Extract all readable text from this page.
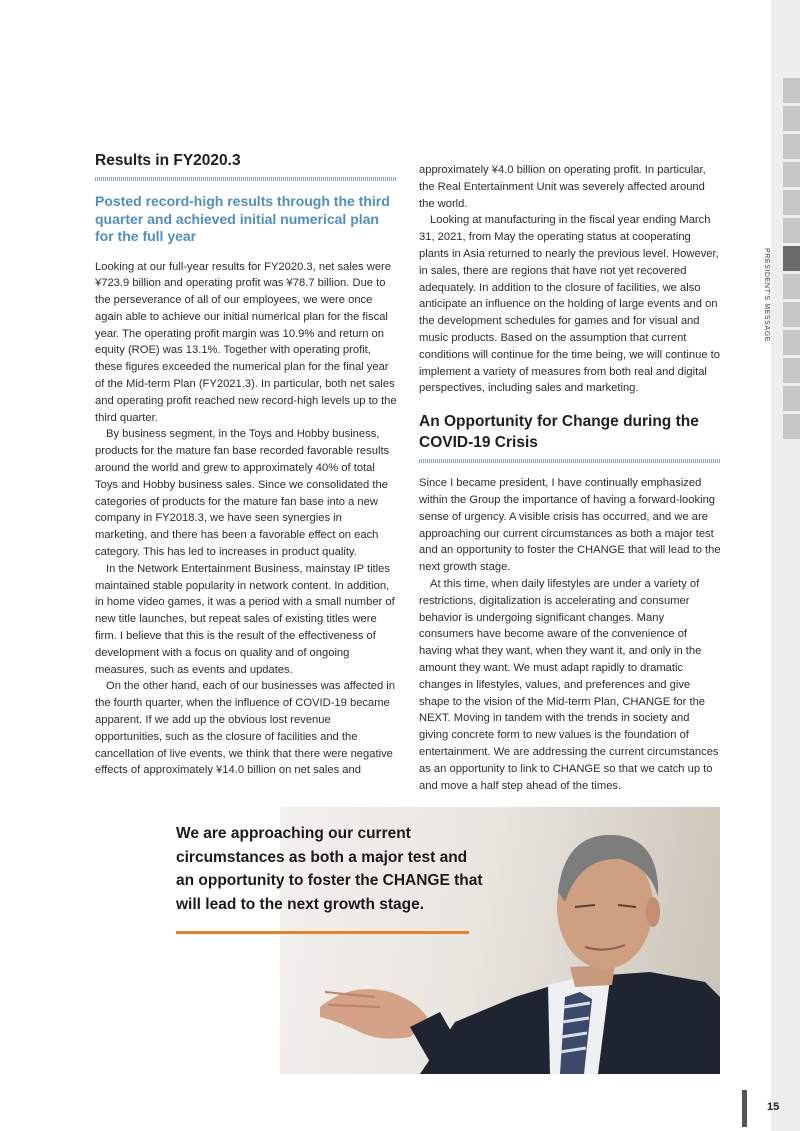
PRESIDENT'S MESSAGE
Results in FY2020.3
Posted record-high results through the third quarter and achieved initial numerical plan for the full year

Looking at our full-year results for FY2020.3, net sales were ¥723.9 billion and operating profit was ¥78.7 billion. Due to the perseverance of all of our employees, we were once again able to achieve our initial numerical plan for the fiscal year. The operating profit margin was 10.9% and return on equity (ROE) was 13.1%. Together with operating profit, these figures exceeded the numerical plan for the final year of the Mid-term Plan (FY2021.3). In particular, both net sales and operating profit reached new record-high levels up to the third quarter.

By business segment, in the Toys and Hobby business, products for the mature fan base recorded favorable results around the world and grew to approximately 40% of total Toys and Hobby business sales. Since we consolidated the categories of products for the mature fan base into a new company in FY2018.3, we have seen synergies in marketing, and there has been a favorable effect on each category. This has led to increases in product quality.

In the Network Entertainment Business, mainstay IP titles maintained stable popularity in network content. In addition, in home video games, it was a period with a small number of new title launches, but repeat sales of existing titles were firm. I believe that this is the result of the effectiveness of development with a focus on quality and of ongoing measures, such as events and updates.

On the other hand, each of our businesses was affected in the fourth quarter, when the influence of COVID-19 became apparent. If we add up the obvious lost revenue opportunities, such as the closure of facilities and the cancellation of live events, we think that there were negative effects of approximately ¥14.0 billion on net sales and

approximately ¥4.0 billion on operating profit. In particular, the Real Entertainment Unit was severely affected around the world.

Looking at manufacturing in the fiscal year ending March 31, 2021, from May the operating status at cooperating plants in Asia returned to nearly the previous level. However, in sales, there are regions that have not yet recovered adequately. In addition to the closure of facilities, we also anticipate an influence on the holding of large events and on the development schedules for games and for visual and music products. Based on the assumption that current conditions will continue for the time being, we will continue to implement a variety of measures from both real and digital perspectives, including sales and marketing.

An Opportunity for Change during the COVID-19 Crisis

Since I became president, I have continually emphasized within the Group the importance of having a forward-looking sense of urgency. A visible crisis has occurred, and we are approaching our current circumstances as both a major test and an opportunity to foster the CHANGE that will lead to the next growth stage.

At this time, when daily lifestyles are under a variety of restrictions, digitalization is accelerating and consumer behavior is undergoing significant changes. Many consumers have become aware of the convenience of having what they want, when they want it, and only in the amount they want. We must adapt rapidly to dramatic changes in lifestyles, values, and preferences and give shape to the vision of the Mid-term Plan, CHANGE for the NEXT. Moving in tandem with the trends in society and giving concrete form to new values is the foundation of entertainment. We are addressing the current circumstances as an opportunity to link to CHANGE so that we catch up to and move a half step ahead of the times.

We are approaching our current circumstances as both a major test and an opportunity to foster the CHANGE that will lead to the next growth stage.
15
